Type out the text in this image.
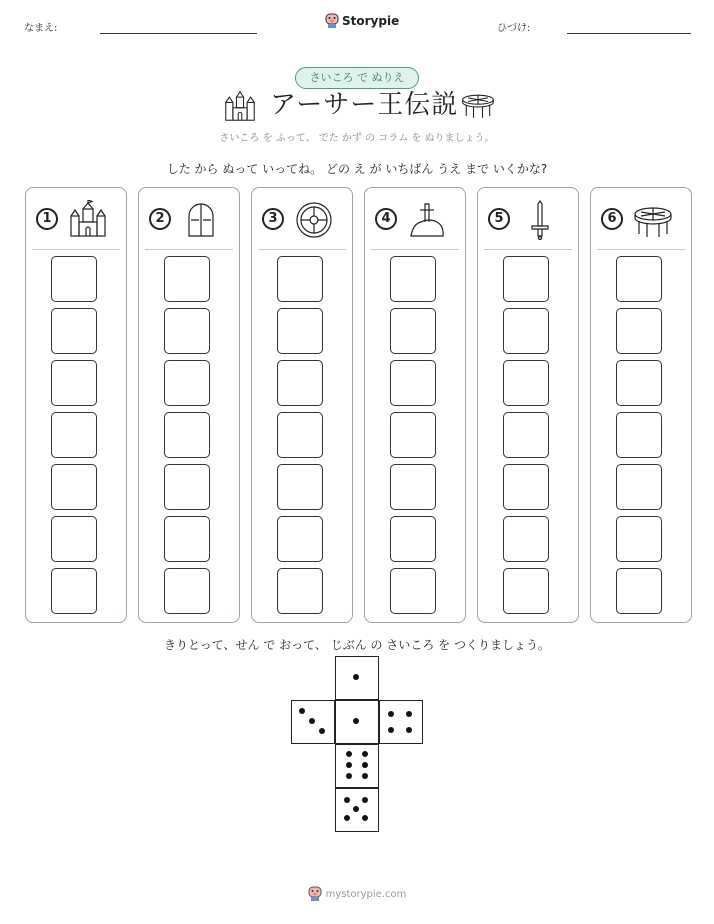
なまえ:
Storypie
ひづけ:
さいころ で ぬりえ
アーサー王伝説
さいころ を ふって、 でた かず の コラム を ぬりましょう。
した から ぬって いってね。 どの え が いちばん うえ まで いくかな?
1	2	3	4	5	6
きりとって、せん で おって、 じぶん の さいころ を つくりましょう。
mystorypie.com
